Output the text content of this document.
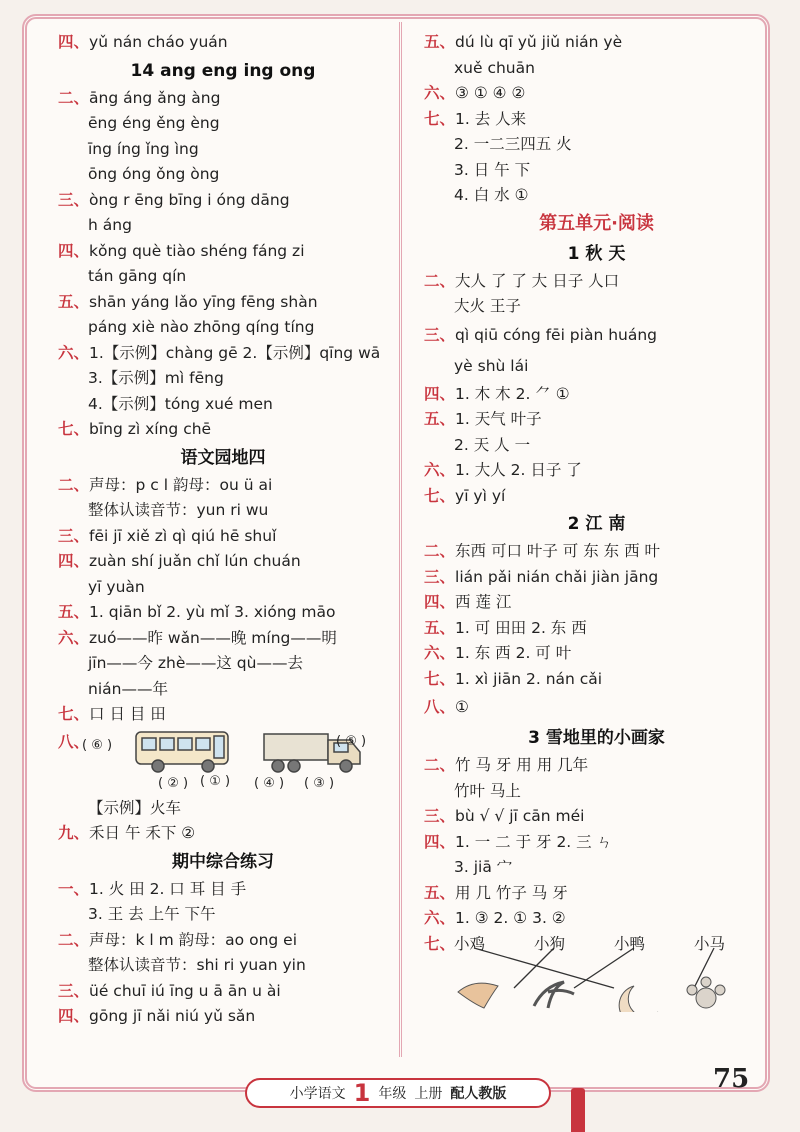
四、yǔ nán cháo yuán
14 ang eng ing ong
二、āng áng ǎng àng
ēng éng ěng èng
īng íng ǐng ìng
ōng óng ǒng òng
三、òng r ēng bīng i óng dāng
h áng
四、kǒng què tiào shéng fáng zi
tán gāng qín
五、shān yáng lǎo yīng fēng shàn
páng xiè nào zhōng qíng tíng
六、1.【示例】chàng gē 2.【示例】qīng wā
3.【示例】mì fēng
4.【示例】tóng xué men
七、bīng zì xíng chē
语文园地四
二、声母：p c l 韵母：ou ü ai
整体认读音节：yun ri wu
三、fēi jī xiě zì qì qiú hē shuǐ
四、zuàn shí juǎn chǐ lún chuán
yī yuàn
五、1. qiān bǐ 2. yù mǐ 3. xióng māo
六、zuó——昨 wǎn——晚 míng——明
jīn——今 zhè——这 qù——去
nián——年
七、口 日 目 田
八、
( ⑥ )
( ② ) ( ① ) ( ④ ) ( ③ )
( ⑤ )
【示例】火车
九、禾日 午 禾下 ②
期中综合练习
一、1. 火 田 2. 口 耳 目 手
3. 王 去 上午 下午
二、声母：k l m 韵母：ao ong ei
整体认读音节：shi ri yuan yin
三、üé chuī iú īng u ā ān u ài
四、gōng jī nǎi niú yǔ sǎn
五、dú lù qī yǔ jiǔ nián yè
xuě chuān
六、③ ① ④ ②
七、1. 去 人来
2. 一二三四五 火
3. 日 午 下
4. 白 水 ①
第五单元·阅读
1 秋 天
二、大人 了 了 大 日子 人口
大火 王子
三、qì qiū cóng fēi piàn huáng
yè shù lái
四、1. 木 木 2. ⺈ ①
五、1. 天气 叶子
2. 天 人 一
六、1. 大人 2. 日子 了
七、yī yì yí
2 江 南
二、东西 可口 叶子 可 东 东 西 叶
三、lián pǎi nián chǎi jiàn jāng
四、西 莲 江
五、1. 可 田田 2. 东 西
六、1. 东 西 2. 可 叶
七、1. xì jiān 2. nán cǎi
八、①
3 雪地里的小画家
二、竹 马 牙 用 用 几年
竹叶 马上
三、bù √ √ jī cān méi
四、1. 一 二 于 牙 2. 三 ㄣ
3. jiā 宀
五、用 几 竹子 马 牙
六、1. ③ 2. ① 3. ②
七、
小鸡	小狗	小鸭	小马
小学语文 1 年级 上册 配人教版	75
